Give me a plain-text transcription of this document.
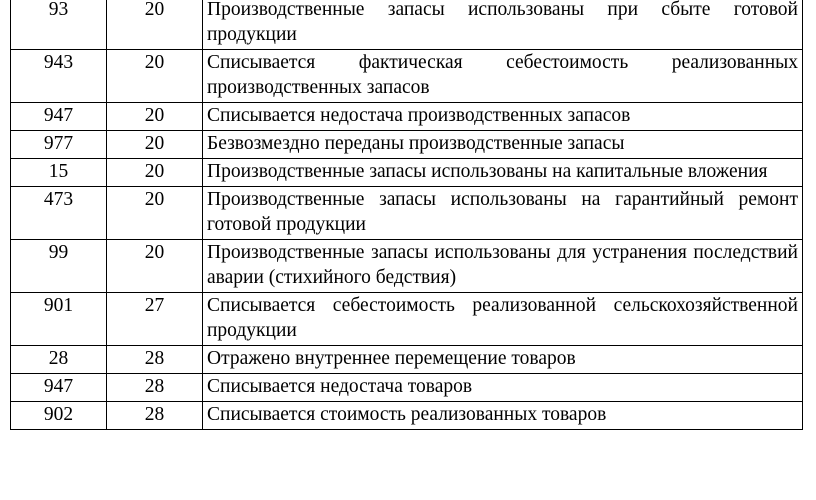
93	20	Производственные запасы использованы при сбыте готовой продукции
943	20	Списывается фактическая себестоимость реализованных производственных запасов
947	20	Списывается недостача производственных запасов
977	20	Безвозмездно переданы производственные запасы
15	20	Производственные запасы использованы на капитальные вложения
473	20	Производственные запасы использованы на гарантийный ремонт готовой продукции
99	20	Производственные запасы использованы для устранения последствий аварии (стихийного бедствия)
901	27	Списывается себестоимость реализованной сельскохозяйственной продукции
28	28	Отражено внутреннее перемещение товаров
947	28	Списывается недостача товаров
902	28	Списывается стоимость реализованных товаров
